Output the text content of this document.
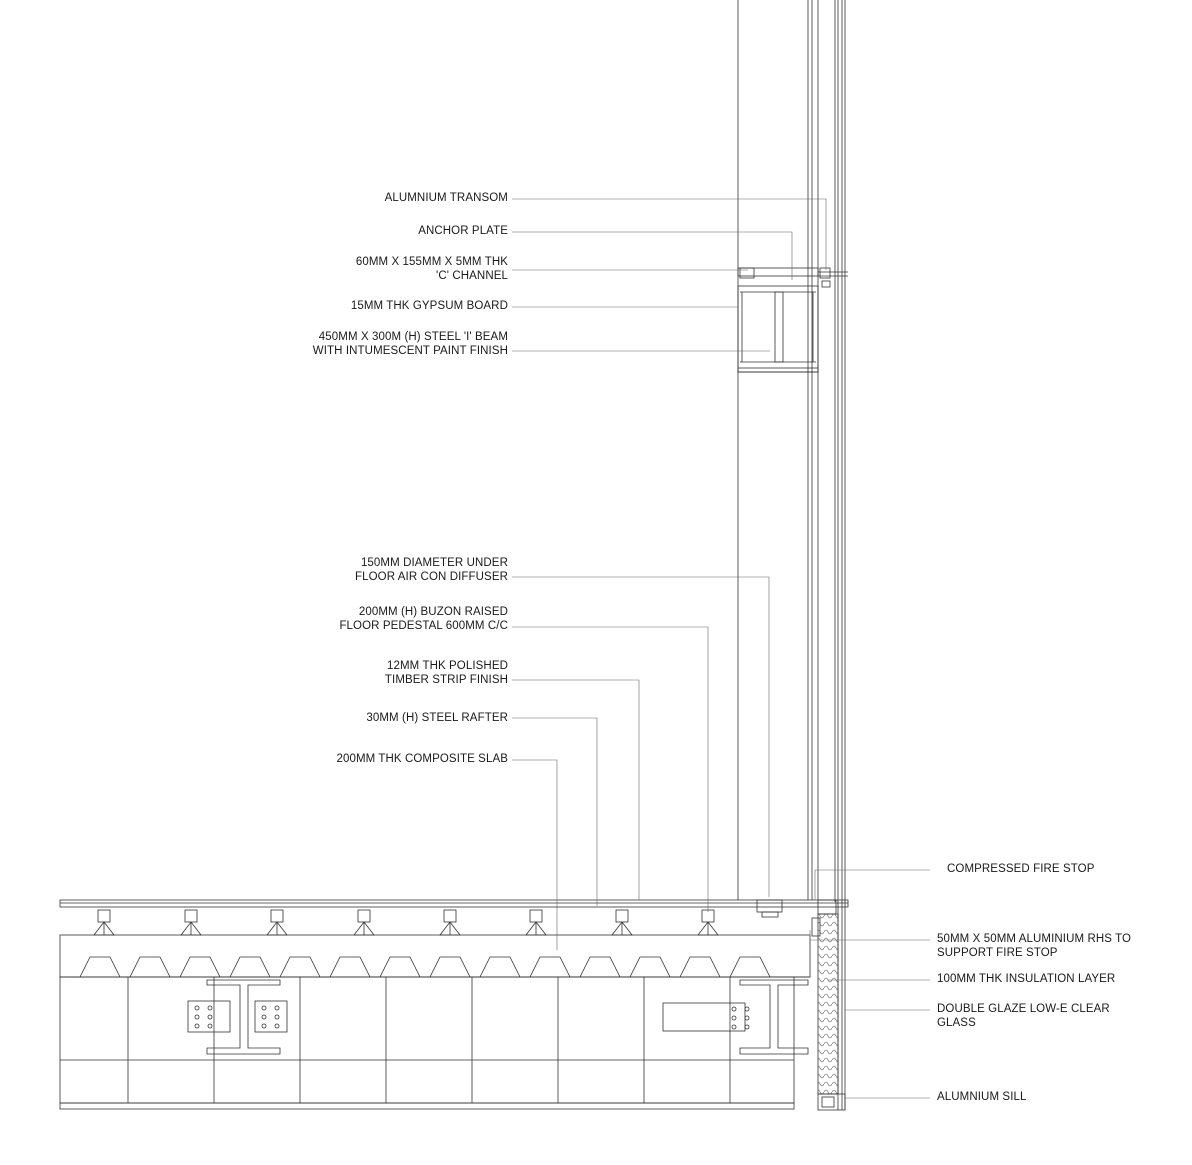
ALUMNIUM TRANSOM
ANCHOR PLATE
60MM X 155MM X 5MM THK
'C' CHANNEL
15MM THK GYPSUM BOARD
450MM X 300M (H) STEEL 'I' BEAM
WITH INTUMESCENT PAINT FINISH
150MM DIAMETER UNDER
FLOOR AIR CON DIFFUSER
200MM (H) BUZON RAISED
FLOOR PEDESTAL 600MM C/C
12MM THK POLISHED
TIMBER STRIP FINISH
30MM (H) STEEL RAFTER
200MM THK COMPOSITE SLAB
COMPRESSED FIRE STOP
50MM X 50MM ALUMINIUM RHS TO
SUPPORT FIRE STOP
100MM THK INSULATION LAYER
DOUBLE GLAZE LOW-E CLEAR
GLASS
ALUMNIUM SILL
